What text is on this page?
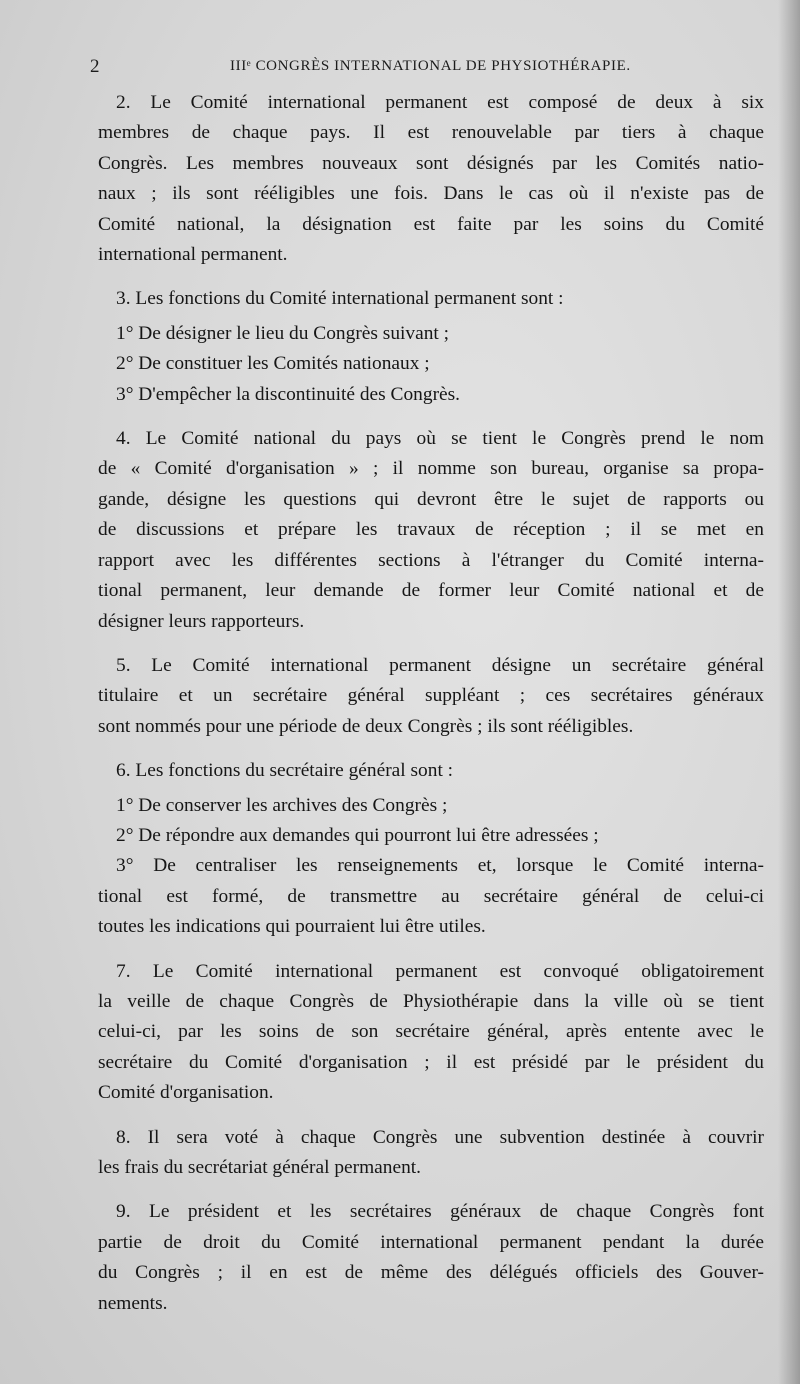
2	IIIᵉ CONGRÈS INTERNATIONAL DE PHYSIOTHÉRAPIE.
2. Le Comité international permanent est composé de deux à six
membres de chaque pays. Il est renouvelable par tiers à chaque
Congrès. Les membres nouveaux sont désignés par les Comités natio-
naux ; ils sont rééligibles une fois. Dans le cas où il n'existe pas de
Comité national, la désignation est faite par les soins du Comité
international permanent.
3. Les fonctions du Comité international permanent sont :
1° De désigner le lieu du Congrès suivant ;
2° De constituer les Comités nationaux ;
3° D'empêcher la discontinuité des Congrès.
4. Le Comité national du pays où se tient le Congrès prend le nom
de « Comité d'organisation » ; il nomme son bureau, organise sa propa-
gande, désigne les questions qui devront être le sujet de rapports ou
de discussions et prépare les travaux de réception ; il se met en
rapport avec les différentes sections à l'étranger du Comité interna-
tional permanent, leur demande de former leur Comité national et de
désigner leurs rapporteurs.
5. Le Comité international permanent désigne un secrétaire général
titulaire et un secrétaire général suppléant ; ces secrétaires généraux
sont nommés pour une période de deux Congrès ; ils sont rééligibles.
6. Les fonctions du secrétaire général sont :
1° De conserver les archives des Congrès ;
2° De répondre aux demandes qui pourront lui être adressées ;
3° De centraliser les renseignements et, lorsque le Comité interna-
tional est formé, de transmettre au secrétaire général de celui-ci
toutes les indications qui pourraient lui être utiles.
7. Le Comité international permanent est convoqué obligatoirement
la veille de chaque Congrès de Physiothérapie dans la ville où se tient
celui-ci, par les soins de son secrétaire général, après entente avec le
secrétaire du Comité d'organisation ; il est présidé par le président du
Comité d'organisation.
8. Il sera voté à chaque Congrès une subvention destinée à couvrir
les frais du secrétariat général permanent.
9. Le président et les secrétaires généraux de chaque Congrès font
partie de droit du Comité international permanent pendant la durée
du Congrès ; il en est de même des délégués officiels des Gouver-
nements.
